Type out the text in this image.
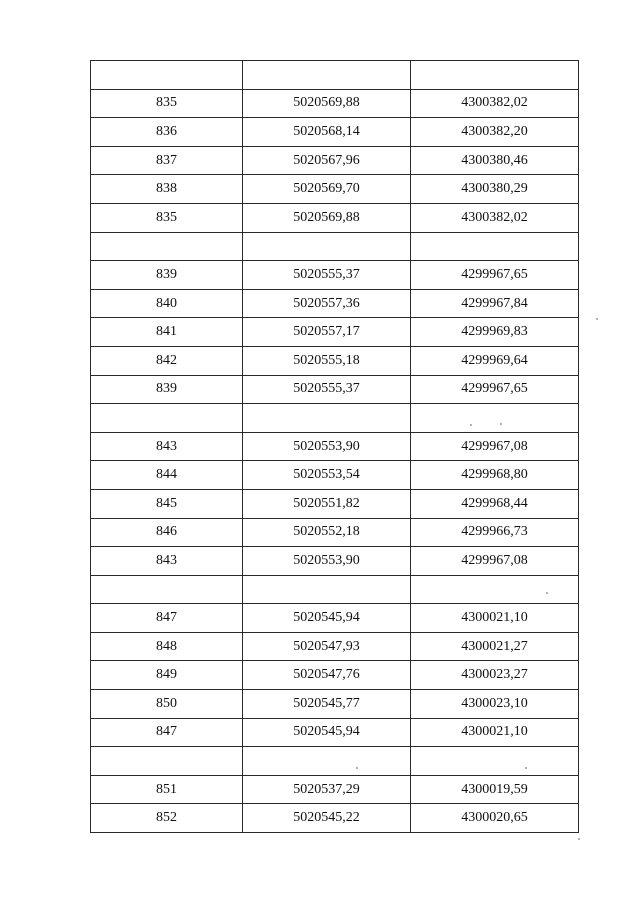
835	5020569,88	4300382,02
836	5020568,14	4300382,20
837	5020567,96	4300380,46
838	5020569,70	4300380,29
835	5020569,88	4300382,02

839	5020555,37	4299967,65
840	5020557,36	4299967,84
841	5020557,17	4299969,83
842	5020555,18	4299969,64
839	5020555,37	4299967,65

843	5020553,90	4299967,08
844	5020553,54	4299968,80
845	5020551,82	4299968,44
846	5020552,18	4299966,73
843	5020553,90	4299967,08

847	5020545,94	4300021,10
848	5020547,93	4300021,27
849	5020547,76	4300023,27
850	5020545,77	4300023,10
847	5020545,94	4300021,10

851	5020537,29	4300019,59
852	5020545,22	4300020,65
